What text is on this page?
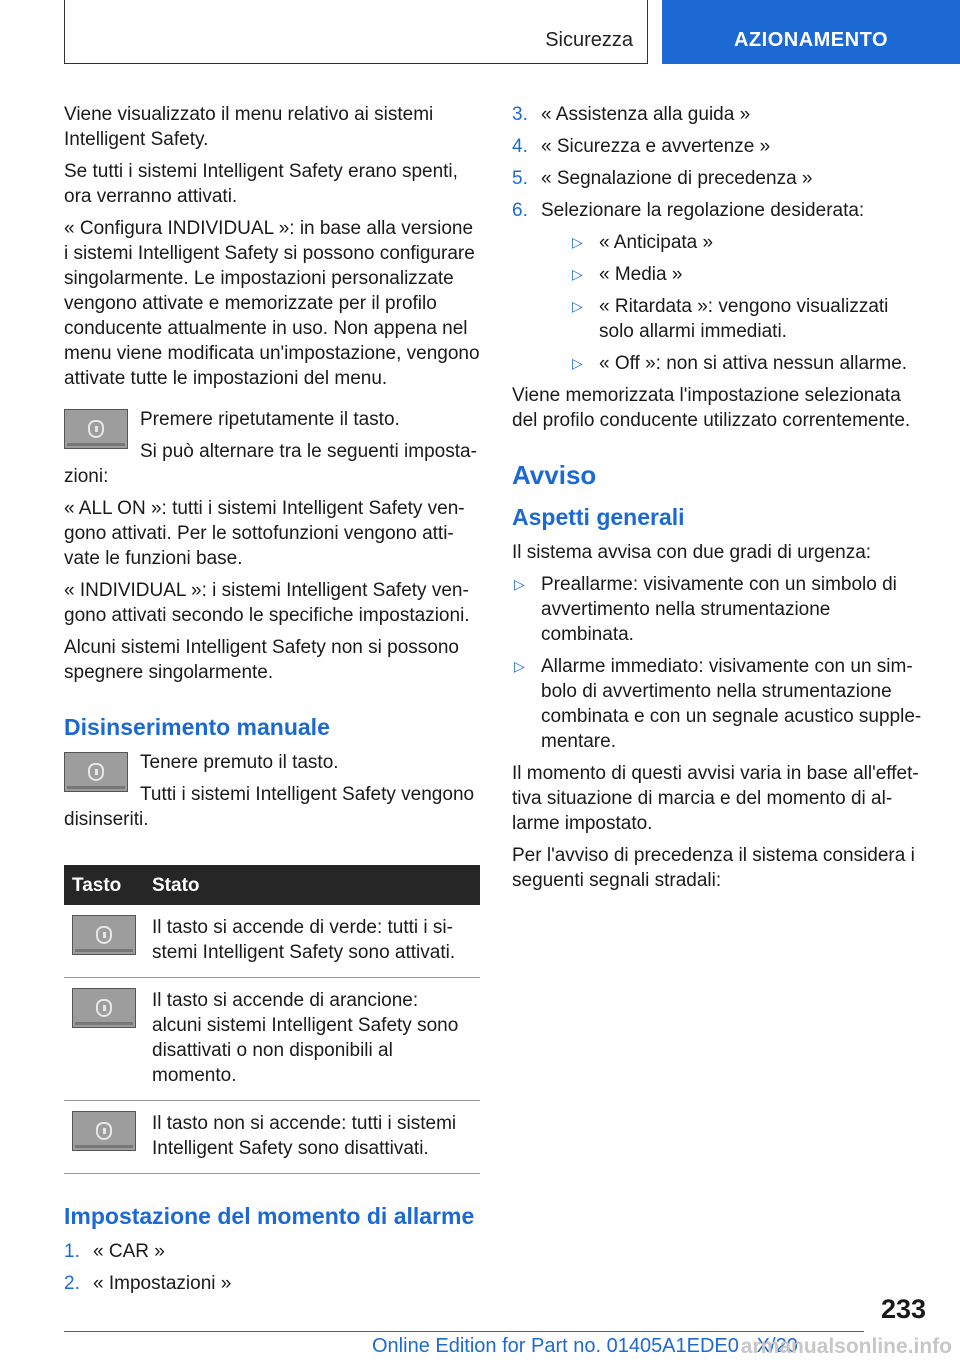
Sicurezza	AZIONAMENTO

Viene visualizzato il menu relativo ai sistemi Intelligent Safety.

Se tutti i sistemi Intelligent Safety erano spenti, ora verranno attivati.

« Configura INDIVIDUAL »: in base alla versione i sistemi Intelligent Safety si possono configurare singolarmente. Le impostazioni personalizzate vengono attivate e memorizzate per il profilo conducente attualmente in uso. Non appena nel menu viene modificata un'impostazione, vengono attivate tutte le impostazioni del menu.

Premere ripetutamente il tasto.

Si può alternare tra le seguenti impostazioni:

« ALL ON »: tutti i sistemi Intelligent Safety vengono attivati. Per le sottofunzioni vengono attivate le funzioni base.

« INDIVIDUAL »: i sistemi Intelligent Safety vengono attivati secondo le specifiche impostazioni.

Alcuni sistemi Intelligent Safety non si possono spegnere singolarmente.

Disinserimento manuale

Tenere premuto il tasto.

Tutti i sistemi Intelligent Safety vengono disinseriti.

Tasto	Stato

	Il tasto si accende di verde: tutti i sistemi Intelligent Safety sono attivati.

	Il tasto si accende di arancione: alcuni sistemi Intelligent Safety sono disattivati o non disponibili al momento.

	Il tasto non si accende: tutti i sistemi Intelligent Safety sono disattivati.
Impostazione del momento di allarme
1. « CAR »
2. « Impostazioni »
3. « Assistenza alla guida »
4. « Sicurezza e avvertenze »
5. « Segnalazione di precedenza »
6. Selezionare la regolazione desiderata:
▷ « Anticipata »
▷ « Media »
▷ « Ritardata »: vengono visualizzati solo allarmi immediati.
▷ « Off »: non si attiva nessun allarme.

Viene memorizzata l'impostazione selezionata del profilo conducente utilizzato correntemente.

Avviso
Aspetti generali

Il sistema avvisa con due gradi di urgenza:

▷ Preallarme: visivamente con un simbolo di avvertimento nella strumentazione combinata.
▷ Allarme immediato: visivamente con un simbolo di avvertimento nella strumentazione combinata e con un segnale acustico supplementare.

Il momento di questi avvisi varia in base all'effettiva situazione di marcia e del momento di allarme impostato.

Per l'avviso di precedenza il sistema considera i seguenti segnali stradali:

233
Online Edition for Part no. 01405A1EDE0 - X/20
armanualsonline.info
